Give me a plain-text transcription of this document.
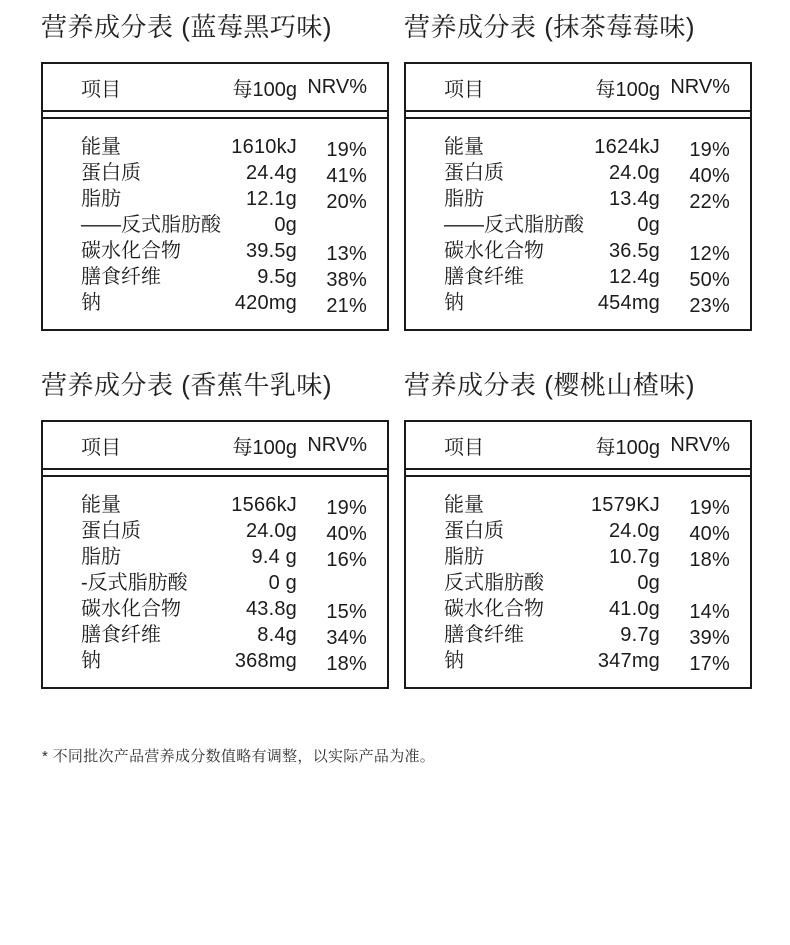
营养成分表 (蓝莓黑巧味)
项目	每100g NRV%
能量	1610kJ	19%
蛋白质	24.4g	41%
脂肪	12.1g	20%
——反式脂肪酸	0g
碳水化合物	39.5g	13%
膳食纤维	9.5g	38%
钠	420mg	21%
营养成分表 (抹茶莓莓味)
项目	每100g NRV%
能量	1624kJ	19%
蛋白质	24.0g	40%
脂肪	13.4g	22%
——反式脂肪酸	0g
碳水化合物	36.5g	12%
膳食纤维	12.4g	50%
钠	454mg	23%
营养成分表 (香蕉牛乳味)
项目	每100g NRV%
能量	1566kJ	19%
蛋白质	24.0g	40%
脂肪	9.4 g	16%
-反式脂肪酸	0 g
碳水化合物	43.8g	15%
膳食纤维	8.4g	34%
钠	368mg	18%
营养成分表 (樱桃山楂味)
项目	每100g NRV%
能量	1579KJ	19%
蛋白质	24.0g	40%
脂肪	10.7g	18%
反式脂肪酸	0g
碳水化合物	41.0g	14%
膳食纤维	9.7g	39%
钠	347mg	17%

* 不同批次产品营养成分数值略有调整，以实际产品为准。
